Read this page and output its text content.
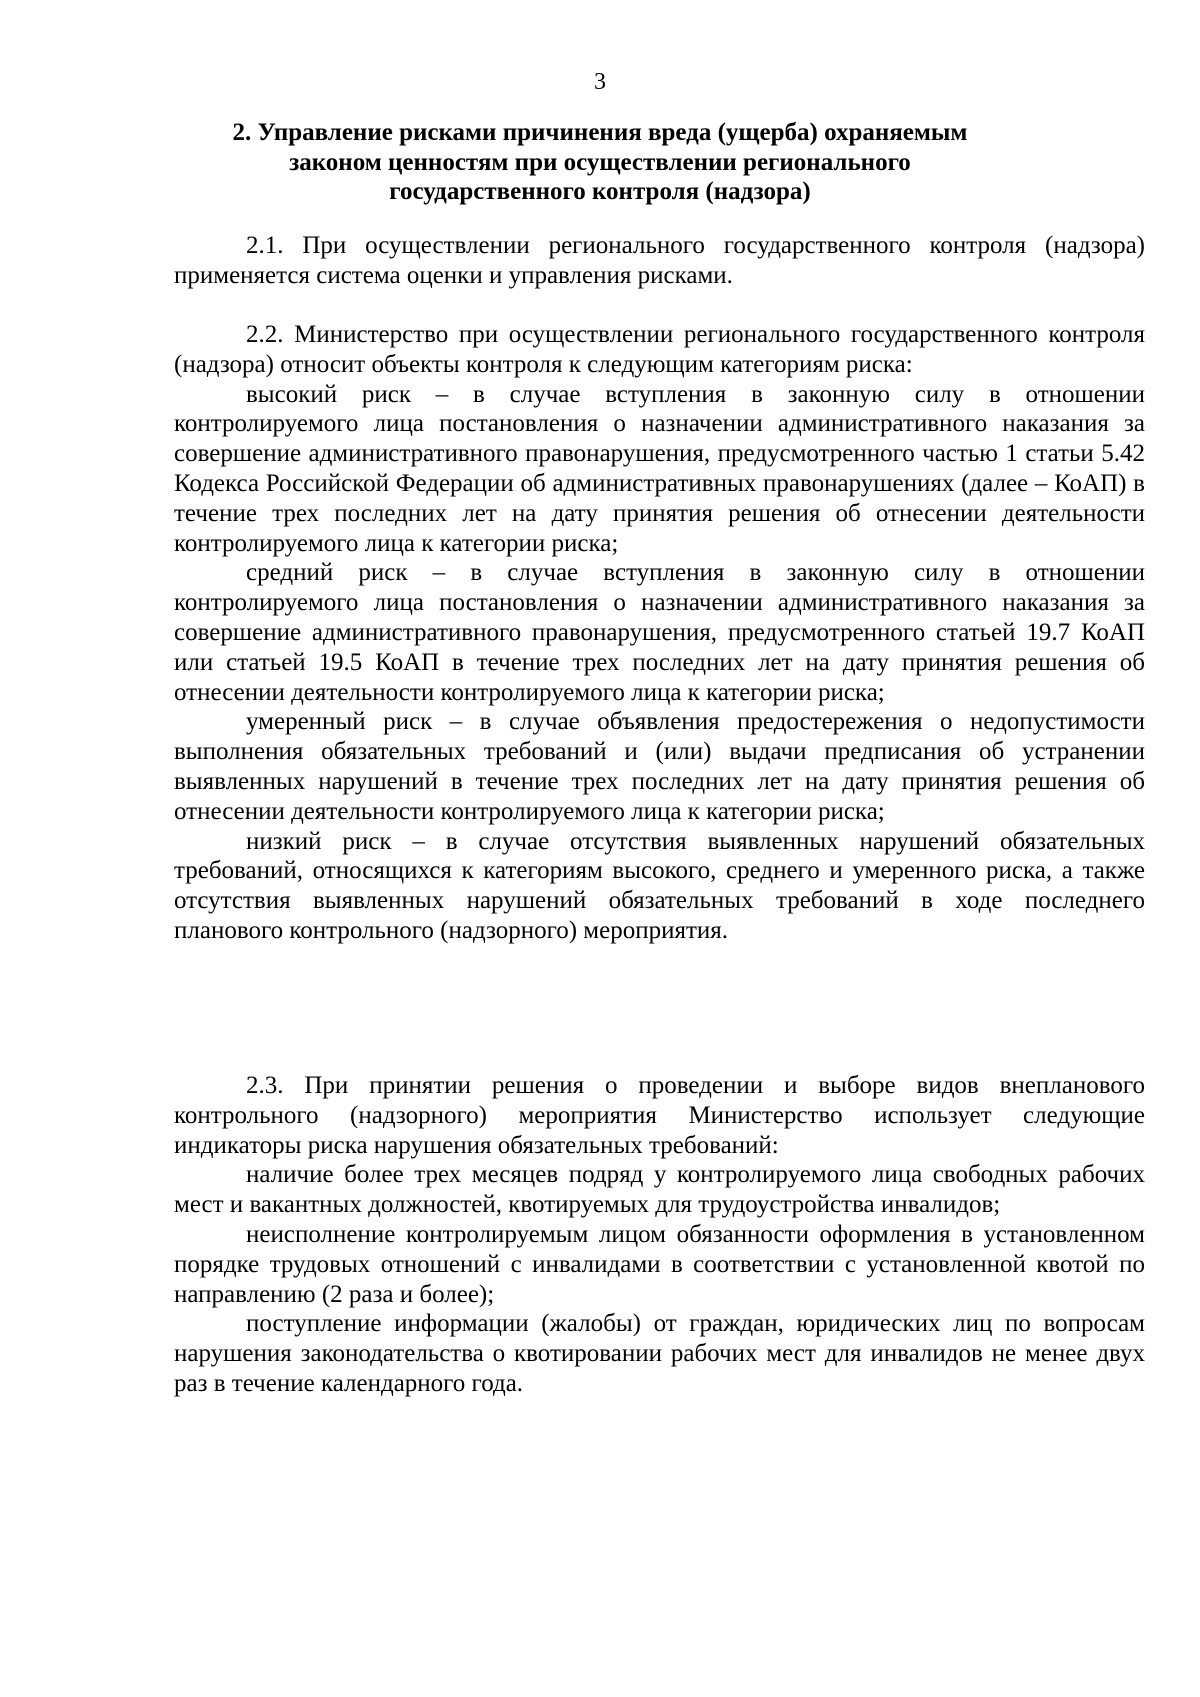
3
2. Управление рисками причинения вреда (ущерба) охраняемым
законом ценностям при осуществлении регионального
государственного контроля (надзора)

2.1. При осуществлении регионального государственного контроля (надзора) применяется система оценки и управления рисками.

2.2. Министерство при осуществлении регионального государственного контроля (надзора) относит объекты контроля к следующим категориям риска:

высокий риск – в случае вступления в законную силу в отношении контролируемого лица постановления о назначении административного наказания за совершение административного правонарушения, предусмотренного частью 1 статьи 5.42 Кодекса Российской Федерации об административных правонарушениях (далее – КоАП) в течение трех последних лет на дату принятия решения об отнесении деятельности контролируемого лица к категории риска;

средний риск – в случае вступления в законную силу в отношении контролируемого лица постановления о назначении административного наказания за совершение административного правонарушения, предусмотренного статьей 19.7 КоАП или статьей 19.5 КоАП в течение трех последних лет на дату принятия решения об отнесении деятельности контролируемого лица к категории риска;

умеренный риск – в случае объявления предостережения о недопустимости выполнения обязательных требований и (или) выдачи предписания об устранении выявленных нарушений в течение трех последних лет на дату принятия решения об отнесении деятельности контролируемого лица к категории риска;

низкий риск – в случае отсутствия выявленных нарушений обязательных требований, относящихся к категориям высокого, среднего и умеренного риска, а также отсутствия выявленных нарушений обязательных требований в ходе последнего планового контрольного (надзорного) мероприятия.

2.3. При принятии решения о проведении и выборе видов внепланового контрольного (надзорного) мероприятия Министерство использует следующие индикаторы риска нарушения обязательных требований:

наличие более трех месяцев подряд у контролируемого лица свободных рабочих мест и вакантных должностей, квотируемых для трудоустройства инвалидов;

неисполнение контролируемым лицом обязанности оформления в установленном порядке трудовых отношений с инвалидами в соответствии с установленной квотой по направлению (2 раза и более);

поступление информации (жалобы) от граждан, юридических лиц по вопросам нарушения законодательства о квотировании рабочих мест для инвалидов не менее двух раз в течение календарного года.
